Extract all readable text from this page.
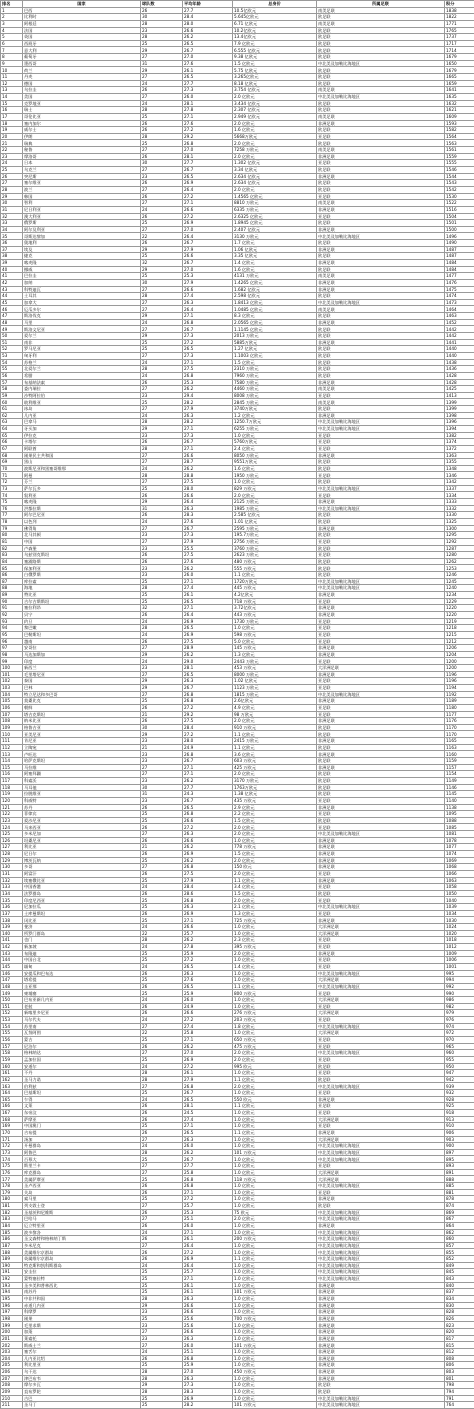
排名	国家	球队数	平均年龄	总身价	所属足联	积分
1	巴西	26	27.7	10.5亿欧元	南美足联	1838
2	比利时	30	28.4	5.645亿欧元	欧足联	1822
3	阿根廷	28	28.0	6.71 亿欧元	南美足联	1771
4	法国	23	26.6	10.2亿欧元	欧足联	1765
5	英国	28	26.2	13.4亿欧元	欧足联	1737
6	西班牙	25	26.5	7.9 亿欧元	欧足联	1717
7	意大利	29	26.7	6.555 亿欧元	欧足联	1714
8	葡萄牙	27	27.0	9.38 亿欧元	欧足联	1679
9	墨西哥	31	27.6	1.5 亿欧元	中北美及加勒比海地区	1650
10	荷兰	29	26.1	5.75 亿欧元	欧足联	1679
11	丹麦	27	26.5	3.265亿欧元	欧足联	1665
12	德国	24	27.7	8.18 亿欧元	欧足联	1659
13	乌拉圭	26	27.3	3.754 亿欧元	南美足联	1641
14	美国	27	26.0	2.0 亿欧元	中北美及加勒比海地区	1635
15	克罗地亚	24	28.1	3.434 亿欧元	欧足联	1632
16	瑞士	28	27.8	2.307 亿欧元	欧足联	1621
17	哥伦比亚	25	27.1	2.949 亿欧元	南美足联	1609
18	塞内加尔	26	27.6	2.0 亿欧元	非洲足联	1593
19	威尔士	26	27.2	1.6 亿欧元	欧足联	1582
20	伊朗	28	29.2	5668万欧元	亚足联	1564
21	瑞典	25	26.8	2.0 亿欧元	欧足联	1563
22	秘鲁	27	27.0	7258 万欧元	南美足联	1561
23	摩洛哥	26	28.1	2.0 亿欧元	非洲足联	1559
24	日本	30	27.7	1.302 亿欧元	亚足联	1555
25	乌克兰	27	26.7	3.34 亿欧元	欧足联	1546
26	突尼斯	23	26.5	2.634 亿欧元	非洲足联	1544
27	塞尔维亚	26	26.9	2.634 亿欧元	欧足联	1543
28	波兰	27	26.4	2.0 亿欧元	欧足联	1542
29	韩国	26	27.2	1.4565 亿欧元	亚足联	1530
30	智利	27	27.1	8810 万欧元	南美足联	1522
31	尼日利亚	24	26.6	6335 万欧元	非洲足联	1516
32	澳大利亚	26	27.2	2.6325 亿欧元	亚足联	1504
33	俄罗斯	25	26.9	1.8945 亿欧元	欧足联	1501
34	阿尔及利亚	27	27.0	2.407 亿欧元	非洲足联	1500
35	哥斯达黎加	22	26.4	3130 万欧元	中北美及加勒比海地区	1496
36	奥地利	26	26.7	1.7 亿欧元	欧足联	1490
37	埃及	29	27.9	1.06 亿欧元	非洲足联	1487
38	捷克	25	26.6	3.35 亿欧元	欧足联	1487
39	喀麦隆	32	26.7	1.4 亿欧元	非洲足联	1484
40	挪威	29	27.0	1.6 亿欧元	欧足联	1484
41	巴拉圭	25	25.3	4131 万欧元	南美足联	1477
42	加纳	30	27.9	1.4265 亿欧元	非洲足联	1476
43	科特迪瓦	27	26.6	1.682 亿欧元	非洲足联	1475
44	土耳其	28	27.4	2.598 亿欧元	欧足联	1474
45	加拿大	27	26.3	1.8413 亿欧元	中北美及加勒比海地区	1473
46	厄瓜多尔	27	26.4	1.0485 亿欧元	南美足联	1464
47	斯洛伐克	29	27.1	8.3 亿欧元	欧足联	1463
48	马里	24	26.8	2.0565 亿欧元	非洲足联	1452
49	斯洛文尼亚	27	26.7	1.1145 亿欧元	欧足联	1442
50	爱尔兰	29	27.3	2013 万欧元	欧足联	1442
51	南非	25	27.2	5885万欧元	非洲足联	1441
52	罗马尼亚	25	26.5	1.27 亿欧元	欧足联	1440
53	匈牙利	27	27.3	1.1003 亿欧元	欧足联	1440
54	苏格兰	24	27.1	1.5 亿欧元	欧足联	1438
55	北爱尔兰	28	27.5	2310 万欧元	欧足联	1436
56	希腊	24	26.8	7960 万欧元	欧足联	1428
57	布基纳法索	26	25.3	7580 万欧元	非洲足联	1428
58	委内瑞拉	27	26.2	4460 万欧元	南美足联	1425
59	沙特阿拉伯	23	29.4	8008 万欧元	亚足联	1413
60	玻利维亚	25	28.2	2845 万欧元	南美足联	1399
61	冰岛	27	27.9	3740万欧元	欧足联	1399
62	几内亚	24	26.3	1.2 亿欧元	非洲足联	1398
63	巴拿马	28	28.2	1250.7万欧元	中北美及加勒比海地区	1396
64	牙买加	29	27.1	6255 万欧元	中北美及加勒比海地区	1394
65	伊拉克	23	27.3	1.0 亿欧元	亚足联	1382
66	卡塔尔	26	26.7	5760万欧元	亚足联	1374
67	阿联酋	28	27.1	2.4 亿欧元	亚足联	1372
68	刚果民主共和国	27	26.6	8050 万欧元	非洲足联	1363
69	黑山	27	28.7	9551万欧元	欧足联	1355
70	波斯尼亚和黑塞哥维那	24	26.2	1.6 亿欧元	欧足联	1348
71	阿曼	28	28.8	1950 万欧元	亚足联	1346
72	芬兰	27	27.5	1.0 亿欧元	欧足联	1342
73	萨尔瓦多	25	28.0	829 万欧元	中北美及加勒比海地区	1337
74	叙利亚	26	26.6	2.0 亿欧元	亚足联	1334
75	喀麦隆	29	26.4	2125 万欧元	非洲足联	1333
76	洪都拉斯	31	26.3	1985 万欧元	中北美及加勒比海地区	1332
77	阿尔巴尼亚	26	28.3	2.585 亿欧元	欧足联	1330
78	以色列	24	27.6	1.01 亿欧元	欧足联	1325
79	佛得角	27	26.7	2595 万欧元	非洲足联	1300
80	北马其顿	23	27.3	195.7万欧元	欧足联	1295
81	中国	27	27.9	2756 万欧元	亚足联	1292
82	卢森堡	23	25.5	3760 万欧元	欧足联	1287
83	乌兹别克斯坦	26	27.5	2623 万欧元	亚足联	1280
84	塞浦路斯	26	27.6	480 万欧元	欧足联	1262
85	保加利亚	23	26.2	555 万欧元	欧足联	1253
86	白俄罗斯	23	26.0	1.1 亿欧元	欧足联	1246
87	库拉索	25	27.1	1720万欧元	中北美及加勒比海地区	1245
88	海地	28	27.4	445 万欧元	中北美及加勒比海地区	1240
89	赞比亚	25	26.1	4.2亿欧元	非洲足联	1234
90	吉尔吉斯斯坦	25	26.5	718 万欧元	亚足联	1229
91	塞拉利昂	32	27.1	3.72亿欧元	非洲足联	1220
92	贝宁	26	26.4	443 万欧元	非洲足联	1220
93	约旦	24	26.9	1730 万欧元	亚足联	1219
94	黎巴嫩	28	26.5	1.0 亿欧元	亚足联	1218
95	巴勒斯坦	24	26.9	598 万欧元	亚足联	1215
96	越南	26	27.5	5.0 亿欧元	亚足联	1212
97	安哥拉	27	28.9	145 万欧元	非洲足联	1206
98	马达加斯加	29	26.2	1.3 亿欧元	非洲足联	1204
99	印度	24	29.0	2443 万欧元	亚足联	1200
100	新西兰	23	28.1	453 万欧元	大洋洲足联	1200
101	毛里塔尼亚	27	26.5	8000 万欧元	非洲足联	1196
102	泰国	29	26.3	1.02 亿欧元	亚足联	1196
103	巴林	29	26.7	1123 万欧元	亚足联	1194
104	特立尼达和多巴哥	27	26.8	1815 万欧元	中北美及加勒比海地区	1192
105	莫桑比克	25	26.8	2.6亿欧元	非洲足联	1189
106	朝鲜	26	27.2	4.9 亿欧元	亚足联	1180
107	塔吉克斯坦	21	29.2	98 万欧元	亚足联	1177
108	纳米比亚	26	27.5	2.0 亿欧元	非洲足联	1176
109	格鲁吉亚	30	28.4	910 万欧元	欧足联	1170
110	亚美尼亚	29	27.2	1.1 亿欧元	欧足联	1170
111	肯尼亚	23	28.0	2415 万欧元	非洲足联	1165
112	立陶宛	21	24.9	1.1 亿欧元	欧足联	1163
113	卢旺达	23	26.8	3.6 亿欧元	非洲足联	1160
114	哈萨克斯坦	23	26.7	603 万欧元	欧足联	1159
115	马拉维	27	27.1	425 万欧元	非洲足联	1157
116	阿塞拜疆	27	27.1	2.0 亿欧元	欧足联	1154
117	科索沃	23	26.2	3170 万欧元	欧足联	1149
118	马耳他	30	27.7	1763万欧元	欧足联	1146
119	拉脱维亚	31	24.3	1.38 亿欧元	欧足联	1145
120	科威特	23	26.7	435 万欧元	亚足联	1140
121	苏丹	26	26.5	2.9 亿欧元	非洲足联	1138
122	菲律宾	25	26.8	2.2 亿欧元	亚足联	1095
123	爱沙尼亚	25	26.6	1.5 亿欧元	欧足联	1088
124	马来西亚	26	27.2	2.0 亿欧元	亚足联	1085
125	多米尼加	27	26.3	2.0 亿欧元	中北美及加勒比海地区	1081
126	坦桑尼亚	26	26.6	1.0 亿欧元	非洲足联	1078
127	利比亚	21	26.2	778 万欧元	非洲足联	1077
128	尼日尔	26	26.9	1.5 亿欧元	非洲足联	1074
129	博茨瓦纳	25	26.2	2.0 亿欧元	非洲足联	1069
130	多哥	27	26.8	150 欧元	非洲足联	1068
131	阿富汗	26	27.5	2.0 亿欧元	亚足联	1066
132	埃塞俄比亚	25	27.9	1.1 亿欧元	非洲足联	1063
133	中国香港	24	28.4	3.4 亿欧元	亚足联	1058
134	法罗群岛	26	28.6	1.5 亿欧元	欧足联	1050
135	印度尼西亚	25	26.8	2.0 亿欧元	亚足联	1040
136	尼加拉瓜	25	26.3	2.1 亿欧元	中北美及加勒比海地区	1039
137	土库曼斯坦	26	26.9	1.3 亿欧元	亚足联	1034
138	冈比亚	25	27.1	725 万欧元	非洲足联	1030
139	斐济	24	26.6	1.0 亿欧元	大洋洲足联	1024
140	所罗门群岛	22	25.7	1.0 亿欧元	大洋洲足联	1020
141	也门	28	26.2	2.3 亿欧元	亚足联	1018
142	新加坡	24	27.8	395 万欧元	亚足联	1012
143	布隆迪	25	25.9	2.0 亿欧元	非洲足联	1009
144	中国台北	25	27.2	1.0 亿欧元	亚足联	1006
145	缅甸	24	26.5	1.4 亿欧元	亚足联	1001
146	安提瓜和巴布达	26	26.3	1.0 亿欧元	中北美及加勒比海地区	995
147	塔希提	25	27.6	1.0 亿欧元	大洋洲足联	994
148	圭亚那	26	26.5	1.1 亿欧元	中北美及加勒比海地区	992
149	柬埔寨	25	25.9	800 万欧元	亚足联	990
150	巴布亚新几内亚	24	26.0	1.0 亿欧元	大洋洲足联	986
151	老挝	26	24.9	1.0 亿欧元	亚足联	982
152	新喀里多尼亚	26	26.6	276 万欧元	大洋洲足联	979
153	马尔代夫	24	27.2	203 万欧元	亚足联	976
154	苏里南	27	27.4	1.8 亿欧元	中北美及加勒比海地区	974
155	瓦努阿图	22	25.8	1.0 亿欧元	大洋洲足联	972
156	蒙古	25	27.1	650 万欧元	亚足联	970
157	尼泊尔	26	26.2	475 万欧元	亚足联	965
158	格林纳达	27	27.0	2.0 亿欧元	中北美及加勒比海地区	960
159	孟加拉国	25	26.9	2.0 亿欧元	亚足联	955
160	安道尔	24	27.2	995 欧元	欧足联	950
161	不丹	28	26.1	1.0 亿欧元	亚足联	947
162	圣马力诺	28	27.9	1.1 亿欧元	欧足联	942
163	伯利兹	27	26.8	2.0 亿欧元	中北美及加勒比海地区	939
164	巴基斯坦	25	26.7	1.0 亿欧元	亚足联	932
165	乍得	24	26.5	550 欧元	非洲足联	928
166	文莱	26	28.1	1.1 亿欧元	亚足联	925
167	东帝汶	26	24.5	1.0 亿欧元	亚足联	918
168	萨摩亚	26	27.4	1.0 亿欧元	大洋洲足联	913
169	中国澳门	25	27.1	1.0 亿欧元	亚足联	910
170	吉布提	26	26.5	1.1 亿欧元	非洲足联	906
171	汤加	27	26.3	1.0 亿欧元	大洋洲足联	903
172	开曼群岛	24	26.0	1.0 亿欧元	中北美及加勒比海地区	900
173	阿鲁巴	28	26.2	101 万欧元	中北美及加勒比海地区	897
174	百慕大	25	26.7	1.0 亿欧元	中北美及加勒比海地区	895
175	斯里兰卡	27	27.7	1.0 亿欧元	亚足联	893
176	库克群岛	27	25.8	1.0 亿欧元	大洋洲足联	891
177	美属萨摩亚	25	26.8	118 万欧元	大洋洲足联	888
178	圣卢西亚	26	26.8	1.0 亿欧元	中北美及加勒比海地区	885
179	关岛	26	27.1	1.0 亿欧元	亚足联	881
180	索马里	25	27.2	1.0 亿欧元	非洲足联	878
181	列支敦士登	27	25.7	1.0 亿欧元	欧足联	874
182	圣基茨和尼维斯	26	25.3	75 欧元	中北美及加勒比海地区	869
183	巴哈马	27	25.1	2.0 亿欧元	中北美及加勒比海地区	867
184	厄立特里亚	26	26.0	1.0 亿欧元	非洲足联	864
185	波多黎各	24	27.1	1.0 亿欧元	中北美及加勒比海地区	862
186	圣文森特和格林纳丁斯	26	26.1	200 万欧元	中北美及加勒比海地区	860
187	多米尼克	27	26.4	1.0 亿欧元	中北美及加勒比海地区	857
188	美属维尔京群岛	26	27.2	1.0 亿欧元	中北美及加勒比海地区	855
189	英属维尔京群岛	26	26.9	1.1 亿欧元	中北美及加勒比海地区	852
190	特克斯和凯科斯群岛	24	26.4	1.0 亿欧元	中北美及加勒比海地区	849
191	安圭拉	25	25.7	1.0 亿欧元	中北美及加勒比海地区	845
192	蒙特塞拉特	25	27.1	1.0 亿欧元	中北美及加勒比海地区	843
193	圣多美和普林西比	25	26.1	1.0 亿欧元	非洲足联	840
194	南苏丹	25	26.1	101 万欧元	非洲足联	837
195	中非共和国	28	26.3	1.0 亿欧元	非洲足联	834
196	赤道几内亚	29	26.6	1.0 亿欧元	非洲足联	830
197	科摩罗	23	26.6	1.0 亿欧元	非洲足联	828
198	刚果	25	25.6	700 万欧元	非洲足联	826
199	毛里求斯	23	25.6	1.0 亿欧元	非洲足联	823
200	加蓬	27	26.6	1.0 亿欧元	非洲足联	820
201	莱索托	23	26.3	1.0 亿欧元	非洲足联	817
202	斯威士兰	27	26.0	101 万欧元	非洲足联	815
203	塞舌尔	24	25.1	1.0 亿欧元	非洲足联	812
204	几内亚比绍	26	26.8	1.0 亿欧元	非洲足联	808
205	利比里亚	25	25.9	1.0 亿欧元	非洲足联	806
206	乌干达	28	27.0	450 万欧元	非洲足联	803
207	津巴布韦	28	26.3	1.0 亿欧元	非洲足联	801
208	摩尔多瓦	29	27.3	1.0 亿欧元	欧足联	798
209	直布罗陀	28	28.3	1.0 亿欧元	欧足联	794
210	古巴	25	26.9	1.0 亿欧元	中北美及加勒比海地区	791
211	圣马丁	25	28.2	101 万欧元	中北美及加勒比海地区	764
